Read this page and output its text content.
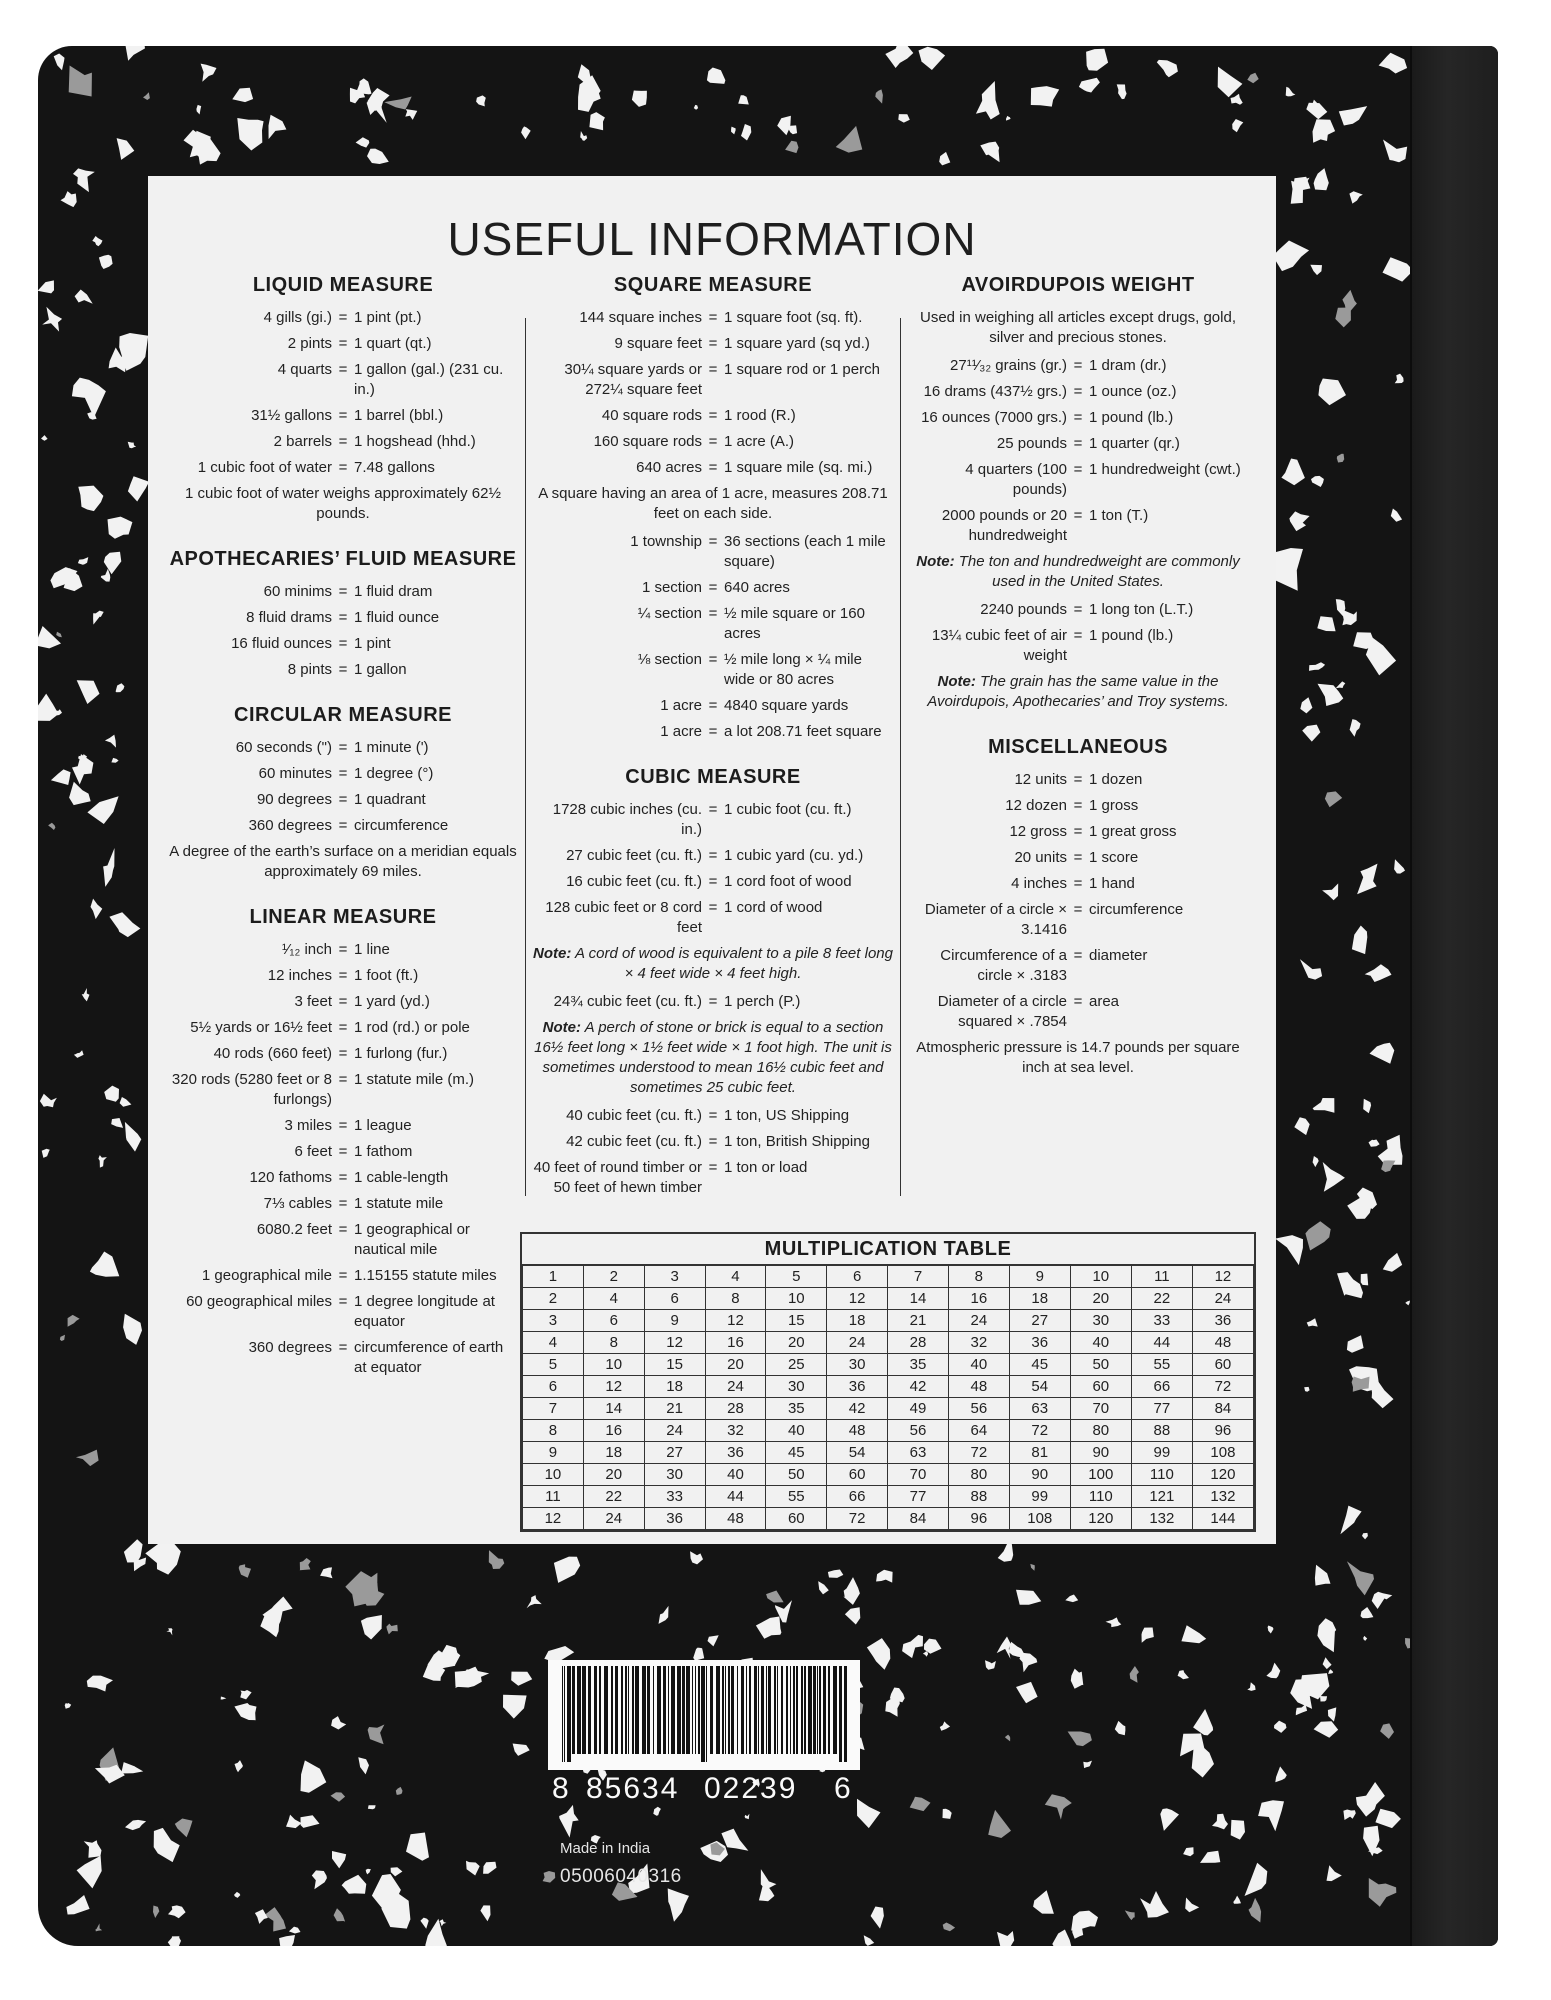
USEFUL INFORMATION
LIQUID MEASURE
4 gills (gi.) = 1 pint (pt.)
2 pints = 1 quart (qt.)
4 quarts = 1 gallon (gal.) (231 cu. in.)
31½ gallons = 1 barrel (bbl.)
2 barrels = 1 hogshead (hhd.)
1 cubic foot of water = 7.48 gallons
1 cubic foot of water weighs approximately 62½ pounds.
APOTHECARIES’ FLUID MEASURE
60 minims = 1 fluid dram
8 fluid drams = 1 fluid ounce
16 fluid ounces = 1 pint
8 pints = 1 gallon
CIRCULAR MEASURE
60 seconds (") = 1 minute (')
60 minutes = 1 degree (°)
90 degrees = 1 quadrant
360 degrees = circumference
A degree of the earth’s surface on a meridian equals approximately 69 miles.
LINEAR MEASURE
¹⁄₁₂ inch = 1 line
12 inches = 1 foot (ft.)
3 feet = 1 yard (yd.)
5½ yards or 16½ feet = 1 rod (rd.) or pole
40 rods (660 feet) = 1 furlong (fur.)
320 rods (5280 feet or 8 furlongs)
= 1 statute mile (m.)
3 miles = 1 league
6 feet = 1 fathom
120 fathoms = 1 cable-length
7⅓ cables = 1 statute mile
6080.2 feet = 1 geographical or nautical mile
1 geographical mile = 1.15155 statute miles
60 geographical miles = 1 degree longitude at equator
360 degrees = circumference of earth at equator
SQUARE MEASURE
144 square inches = 1 square foot (sq. ft).
9 square feet = 1 square yard (sq yd.)
30¼ square yards or 272¼ square feet
= 1 square rod or 1 perch
40 square rods = 1 rood (R.)
160 square rods = 1 acre (A.)
640 acres = 1 square mile (sq. mi.)
A square having an area of 1 acre, measures 208.71 feet on each side.
1 township = 36 sections (each 1 mile square)
1 section = 640 acres
¼ section = ½ mile square or 160 acres
⅛ section = ½ mile long × ¼ mile wide or 80 acres
1 acre = 4840 square yards
1 acre = a lot 208.71 feet square
CUBIC MEASURE
1728 cubic inches (cu. in.)
= 1 cubic foot (cu. ft.)
27 cubic feet (cu. ft.) = 1 cubic yard (cu. yd.)
16 cubic feet (cu. ft.) = 1 cord foot of wood
128 cubic feet or 8 cord feet
= 1 cord of wood
Note: A cord of wood is equivalent to a pile 8 feet long × 4 feet wide × 4 feet high.
24¾ cubic feet (cu. ft.) = 1 perch (P.)
Note: A perch of stone or brick is equal to a section 16½ feet long × 1½ feet wide × 1 foot high. The unit is sometimes understood to mean 16½ cubic feet and sometimes 25 cubic feet.
40 cubic feet (cu. ft.) = 1 ton, US Shipping
42 cubic feet (cu. ft.) = 1 ton, British Shipping
40 feet of round timber or 50 feet of hewn timber
= 1 ton or load
AVOIRDUPOIS WEIGHT
Used in weighing all articles except drugs, gold, silver and precious stones.
27¹¹⁄₃₂ grains (gr.) = 1 dram (dr.)
16 drams (437½ grs.) = 1 ounce (oz.)
16 ounces (7000 grs.) = 1 pound (lb.)
25 pounds = 1 quarter (qr.)
4 quarters (100 pounds)
= 1 hundredweight (cwt.)
2000 pounds or 20 hundredweight
= 1 ton (T.)
Note: The ton and hundredweight are commonly used in the United States.
2240 pounds = 1 long ton (L.T.)
13¼ cubic feet of air weight
= 1 pound (lb.)
Note: The grain has the same value in the Avoirdupois, Apothecaries’ and Troy systems.
MISCELLANEOUS
12 units = 1 dozen
12 dozen = 1 gross
12 gross = 1 great gross
20 units = 1 score
4 inches = 1 hand
Diameter of a circle × 3.1416
= circumference
Circumference of a circle × .3183
= diameter
Diameter of a circle squared × .7854
= area
Atmospheric pressure is 14.7 pounds per square inch at sea level.
MULTIPLICATION TABLE
1	2	3	4	5	6	7	8	9	10	11	12
2	4	6	8	10	12	14	16	18	20	22	24
3	6	9	12	15	18	21	24	27	30	33	36
4	8	12	16	20	24	28	32	36	40	44	48
5	10	15	20	25	30	35	40	45	50	55	60
6	12	18	24	30	36	42	48	54	60	66	72
7	14	21	28	35	42	49	56	63	70	77	84
8	16	24	32	40	48	56	64	72	80	88	96
9	18	27	36	45	54	63	72	81	90	99	108
10	20	30	40	50	60	70	80	90	100	110	120
11	22	33	44	55	66	77	88	99	110	121	132
12	24	36	48	60	72	84	96	108	120	132	144
8 85634 02239 6
Made in India
05006040316
